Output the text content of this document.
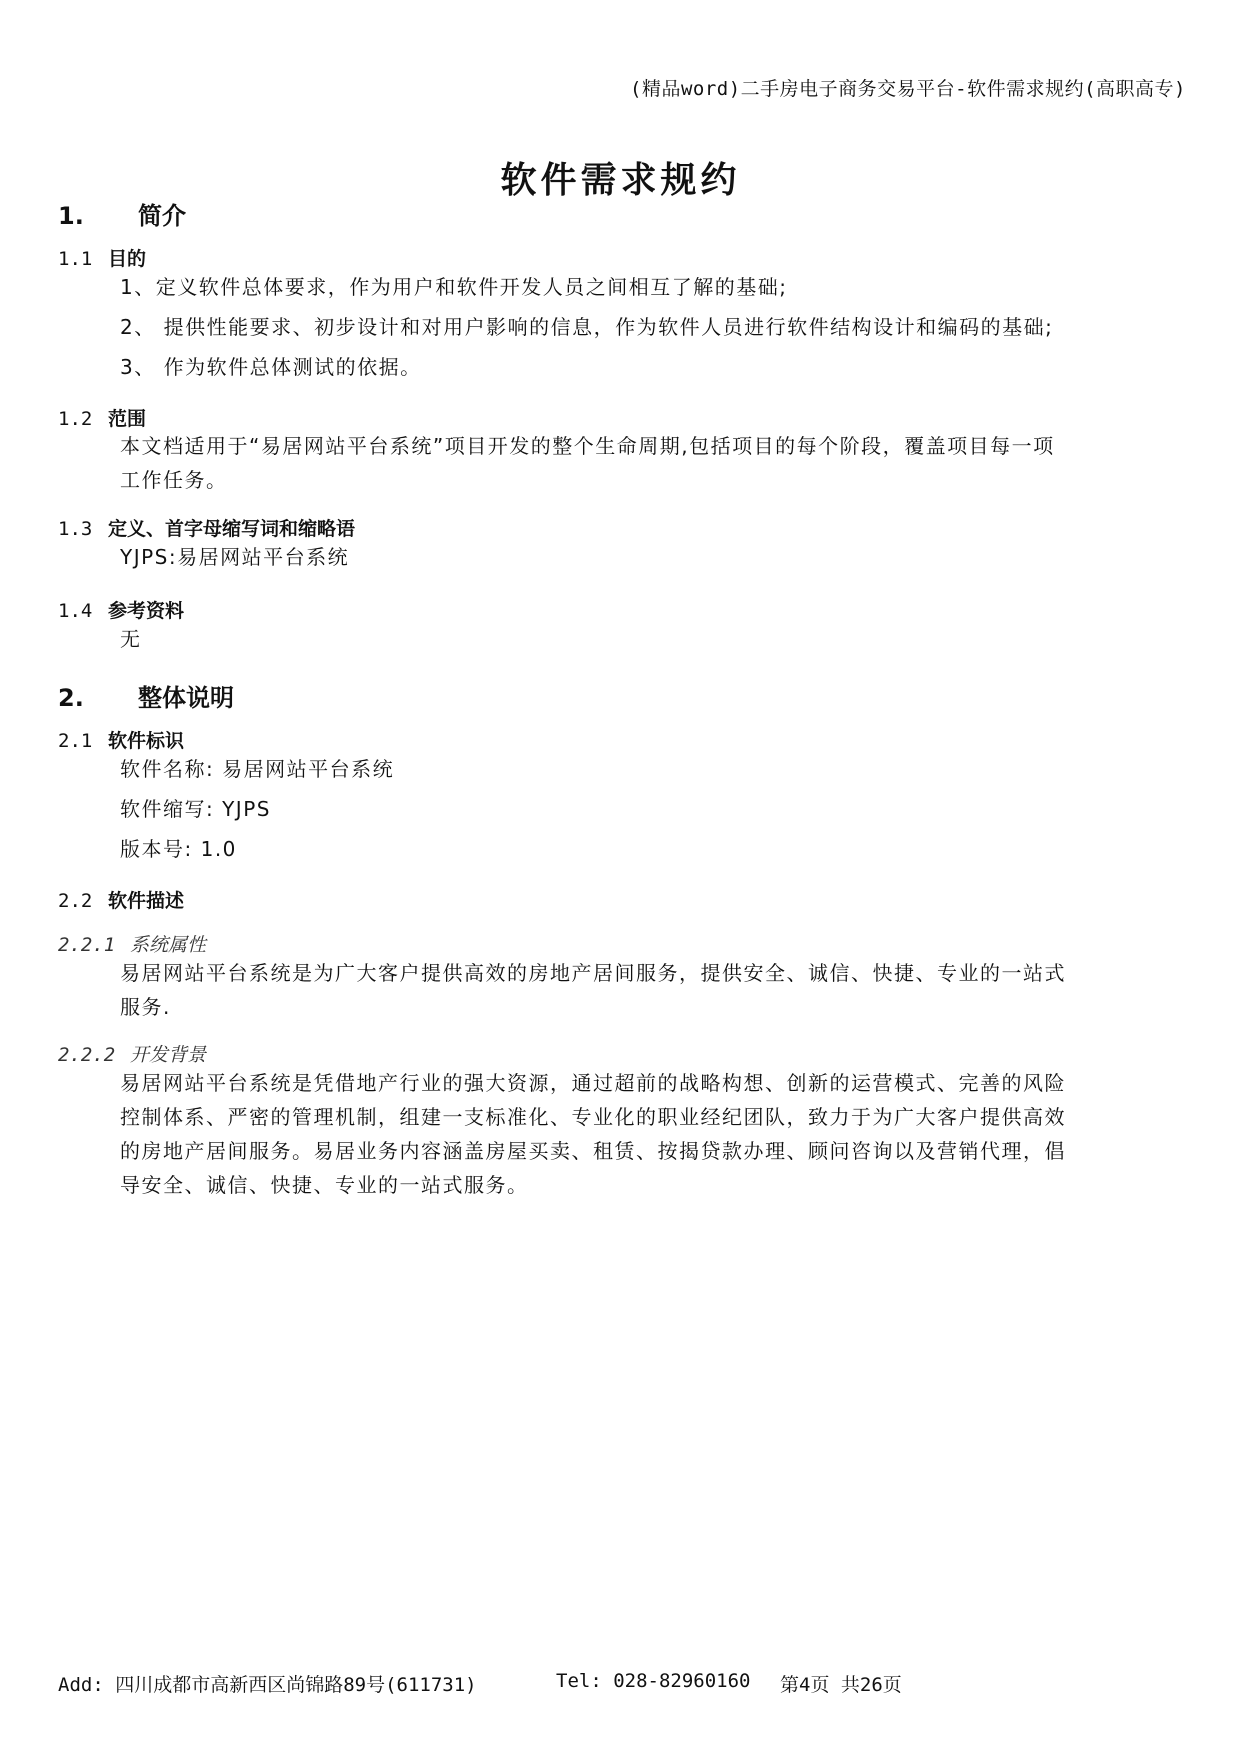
(精品word)二手房电子商务交易平台-软件需求规约(高职高专)
软件需求规约
1. 简介
1.1 目的
1、定义软件总体要求，作为用户和软件开发人员之间相互了解的基础;
2、 提供性能要求、初步设计和对用户影响的信息，作为软件人员进行软件结构设计和编码的基础;
3、 作为软件总体测试的依据。
1.2 范围
本文档适用于“易居网站平台系统”项目开发的整个生命周期,包括项目的每个阶段，覆盖项目每一项工作任务。
1.3 定义、首字母缩写词和缩略语
YJPS:易居网站平台系统
1.4 参考资料
无
2. 整体说明
2.1 软件标识
软件名称: 易居网站平台系统
软件缩写: YJPS
版本号: 1.0
2.2 软件描述
2.2.1 系统属性
易居网站平台系统是为广大客户提供高效的房地产居间服务，提供安全、诚信、快捷、专业的一站式服务.
2.2.2 开发背景
易居网站平台系统是凭借地产行业的强大资源，通过超前的战略构想、创新的运营模式、完善的风险控制体系、严密的管理机制，组建一支标准化、专业化的职业经纪团队，致力于为广大客户提供高效的房地产居间服务。易居业务内容涵盖房屋买卖、租赁、按揭贷款办理、顾问咨询以及营销代理，倡导安全、诚信、快捷、专业的一站式服务。
Add: 四川成都市高新西区尚锦路89号(611731)	Tel: 028-82960160 第4页 共26页
